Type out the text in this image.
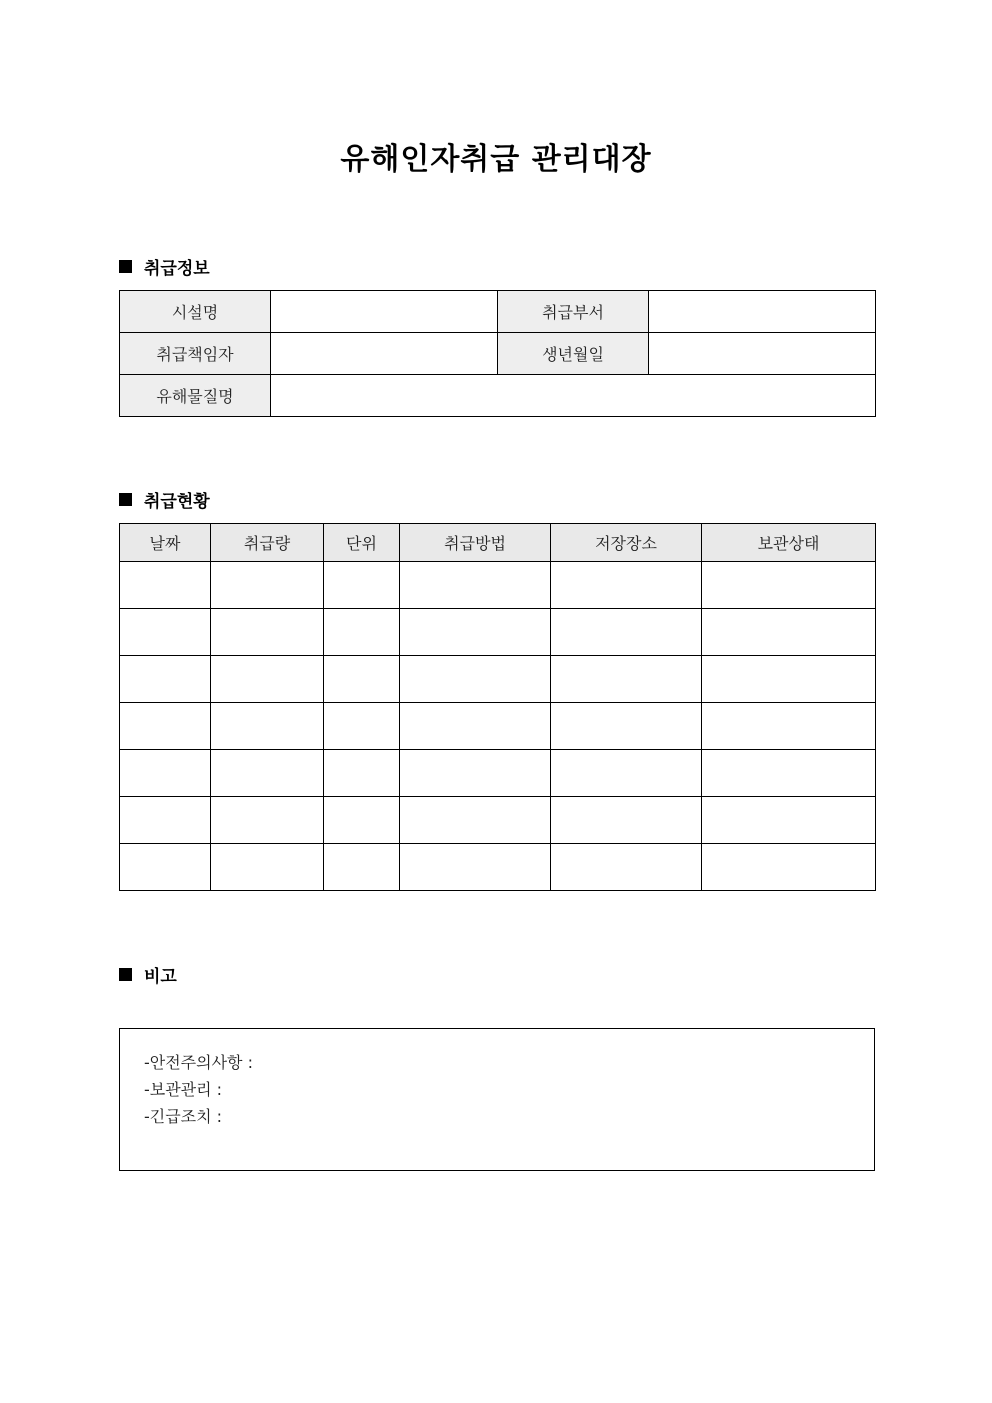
유해인자취급 관리대장
취급정보
시설명		취급부서	
취급책임자		생년월일	
유해물질명			
취급현황
날짜	취급량	단위	취급방법	저장장소	보관상태

비고
-안전주의사항 :
-보관관리 :
-긴급조치 :
